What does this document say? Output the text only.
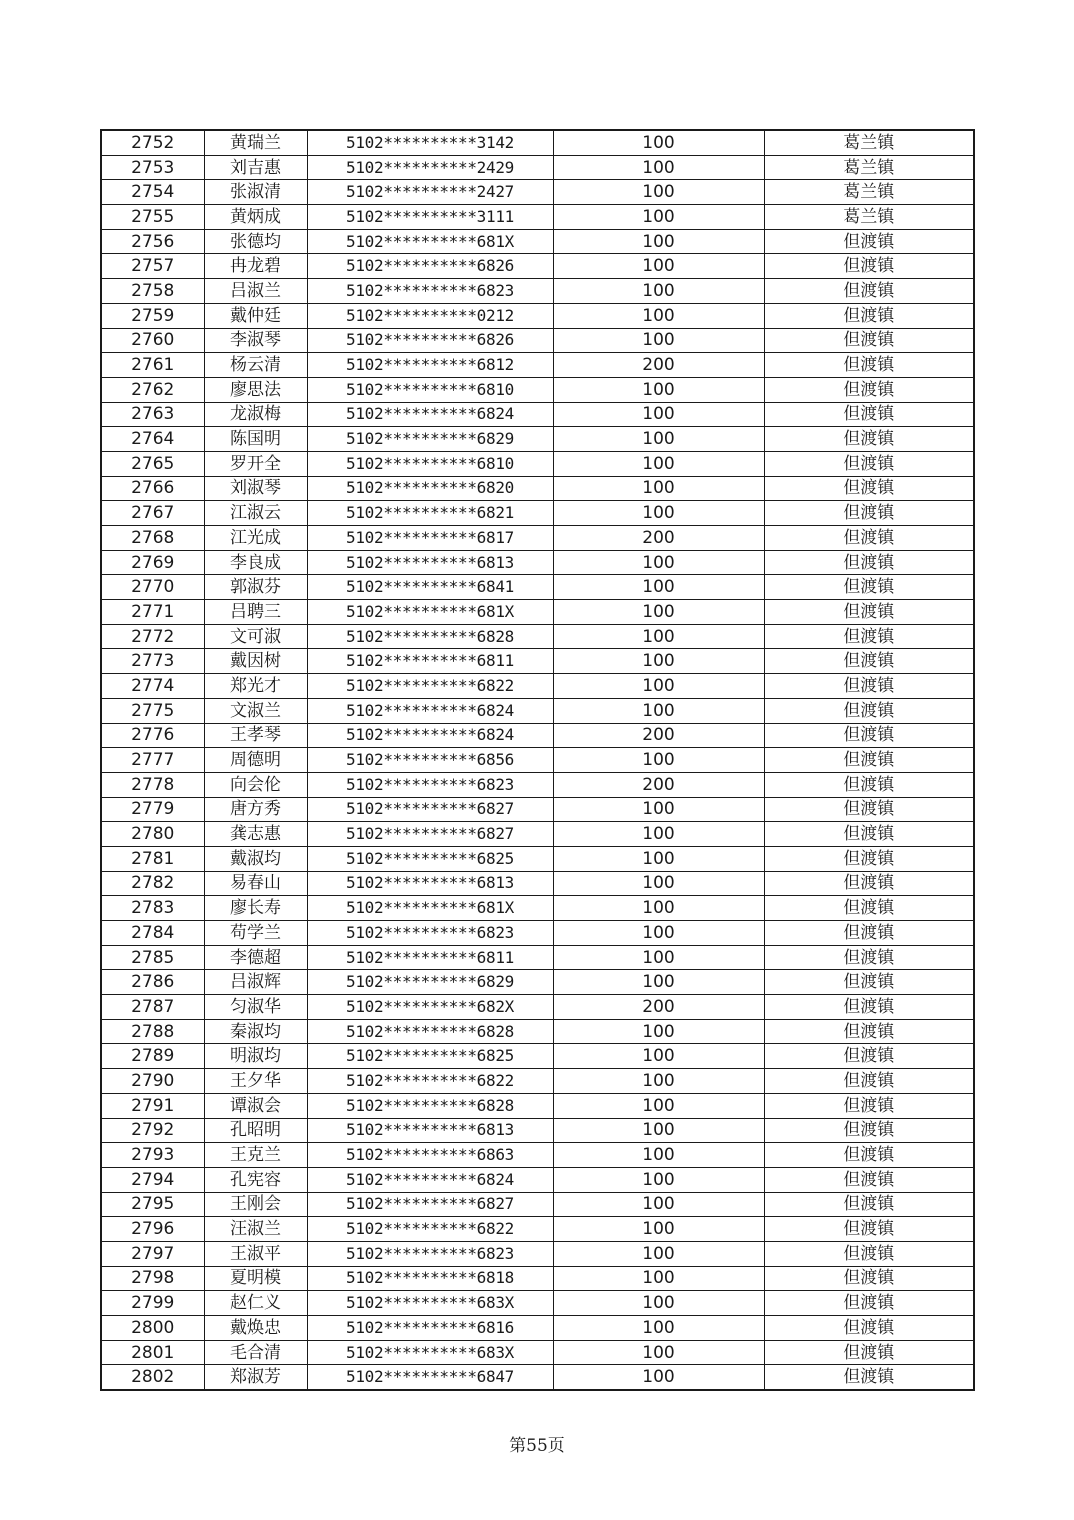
2752	黄瑞兰	5102**********3142	100	葛兰镇
2753	刘吉惠	5102**********2429	100	葛兰镇
2754	张淑清	5102**********2427	100	葛兰镇
2755	黄炳成	5102**********3111	100	葛兰镇
2756	张德均	5102**********681X	100	但渡镇
2757	冉龙碧	5102**********6826	100	但渡镇
2758	吕淑兰	5102**********6823	100	但渡镇
2759	戴仲廷	5102**********0212	100	但渡镇
2760	李淑琴	5102**********6826	100	但渡镇
2761	杨云清	5102**********6812	200	但渡镇
2762	廖思法	5102**********6810	100	但渡镇
2763	龙淑梅	5102**********6824	100	但渡镇
2764	陈国明	5102**********6829	100	但渡镇
2765	罗开全	5102**********6810	100	但渡镇
2766	刘淑琴	5102**********6820	100	但渡镇
2767	江淑云	5102**********6821	100	但渡镇
2768	江光成	5102**********6817	200	但渡镇
2769	李良成	5102**********6813	100	但渡镇
2770	郭淑芬	5102**********6841	100	但渡镇
2771	吕聘三	5102**********681X	100	但渡镇
2772	文可淑	5102**********6828	100	但渡镇
2773	戴因树	5102**********6811	100	但渡镇
2774	郑光才	5102**********6822	100	但渡镇
2775	文淑兰	5102**********6824	100	但渡镇
2776	王孝琴	5102**********6824	200	但渡镇
2777	周德明	5102**********6856	100	但渡镇
2778	向会伦	5102**********6823	200	但渡镇
2779	唐方秀	5102**********6827	100	但渡镇
2780	龚志惠	5102**********6827	100	但渡镇
2781	戴淑均	5102**********6825	100	但渡镇
2782	易春山	5102**********6813	100	但渡镇
2783	廖长寿	5102**********681X	100	但渡镇
2784	苟学兰	5102**********6823	100	但渡镇
2785	李德超	5102**********6811	100	但渡镇
2786	吕淑辉	5102**********6829	100	但渡镇
2787	匀淑华	5102**********682X	200	但渡镇
2788	秦淑均	5102**********6828	100	但渡镇
2789	明淑均	5102**********6825	100	但渡镇
2790	王夕华	5102**********6822	100	但渡镇
2791	谭淑会	5102**********6828	100	但渡镇
2792	孔昭明	5102**********6813	100	但渡镇
2793	王克兰	5102**********6863	100	但渡镇
2794	孔宪容	5102**********6824	100	但渡镇
2795	王刚会	5102**********6827	100	但渡镇
2796	汪淑兰	5102**********6822	100	但渡镇
2797	王淑平	5102**********6823	100	但渡镇
2798	夏明模	5102**********6818	100	但渡镇
2799	赵仁义	5102**********683X	100	但渡镇
2800	戴焕忠	5102**********6816	100	但渡镇
2801	毛合清	5102**********683X	100	但渡镇
2802	郑淑芳	5102**********6847	100	但渡镇
第55页
